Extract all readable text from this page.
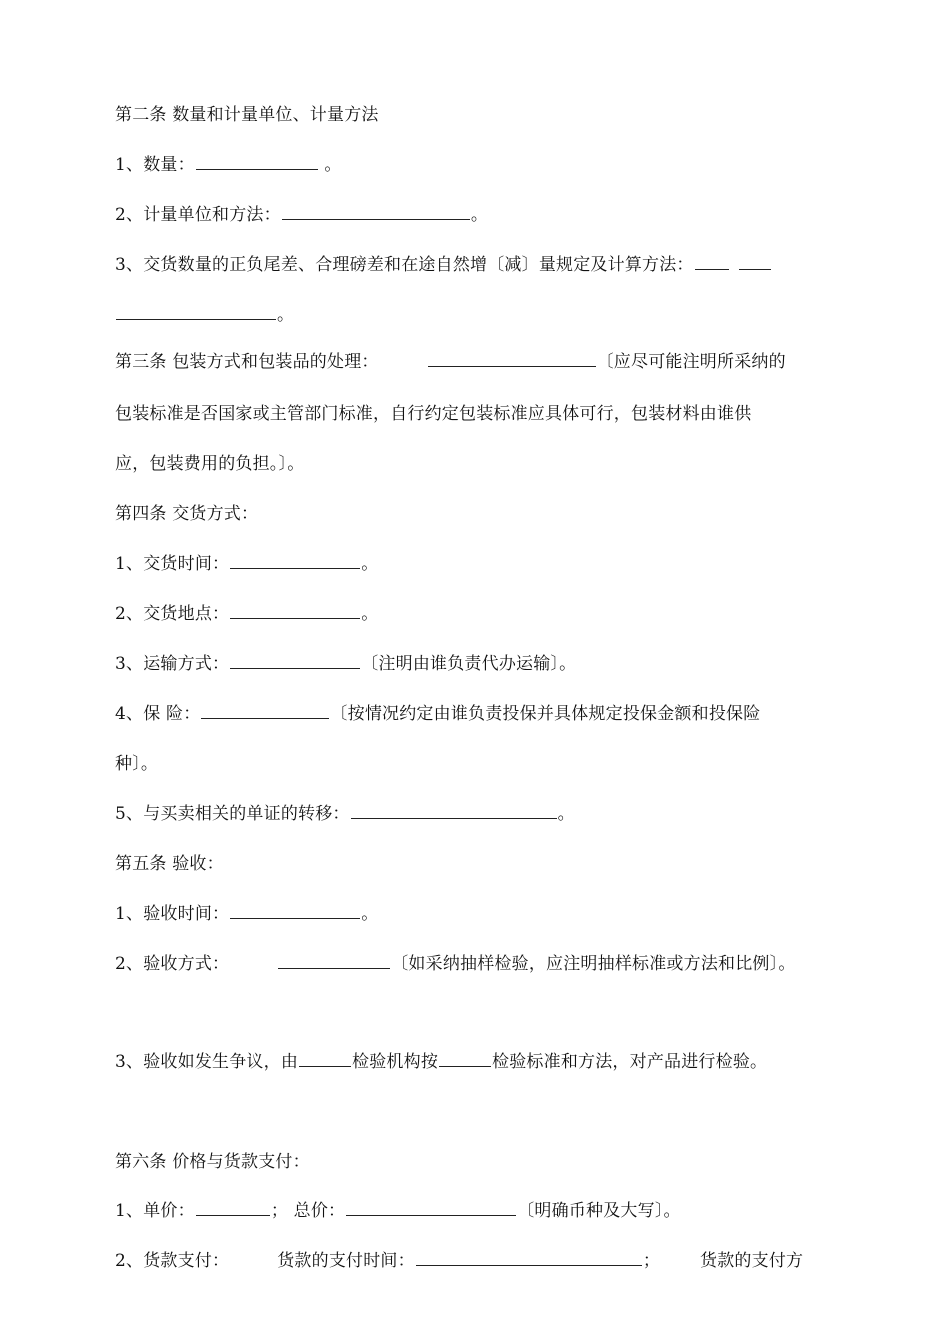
第二条 数量和计量单位、计量方法
1、数量：	。
2、计量单位和方法：	。
3、交货数量的正负尾差、合理磅差和在途自然增〔减〕量规定及计算方法：
。
第三条 包装方式和包装品的处理：	〔应尽可能注明所采纳的
包装标准是否国家或主管部门标准，自行约定包装标准应具体可行，包装材料由谁供
应，包装费用的负担。〕。
第四条 交货方式：
1、交货时间：	。
2、交货地点：	。
3、运输方式：	〔注明由谁负责代办运输〕。
4、保 险：	〔按情况约定由谁负责投保并具体规定投保金额和投保险
种〕。
5、与买卖相关的单证的转移：	。
第五条 验收：
1、验收时间：	。
2、验收方式：	〔如采纳抽样检验，应注明抽样标准或方法和比例〕。
3、验收如发生争议，由	检验机构按	检验标准和方法，对产品进行检验。
第六条 价格与货款支付：
1、单价：	； 总价：	〔明确币种及大写〕。
2、货款支付：	货款的支付时间：	； 货款的支付方
